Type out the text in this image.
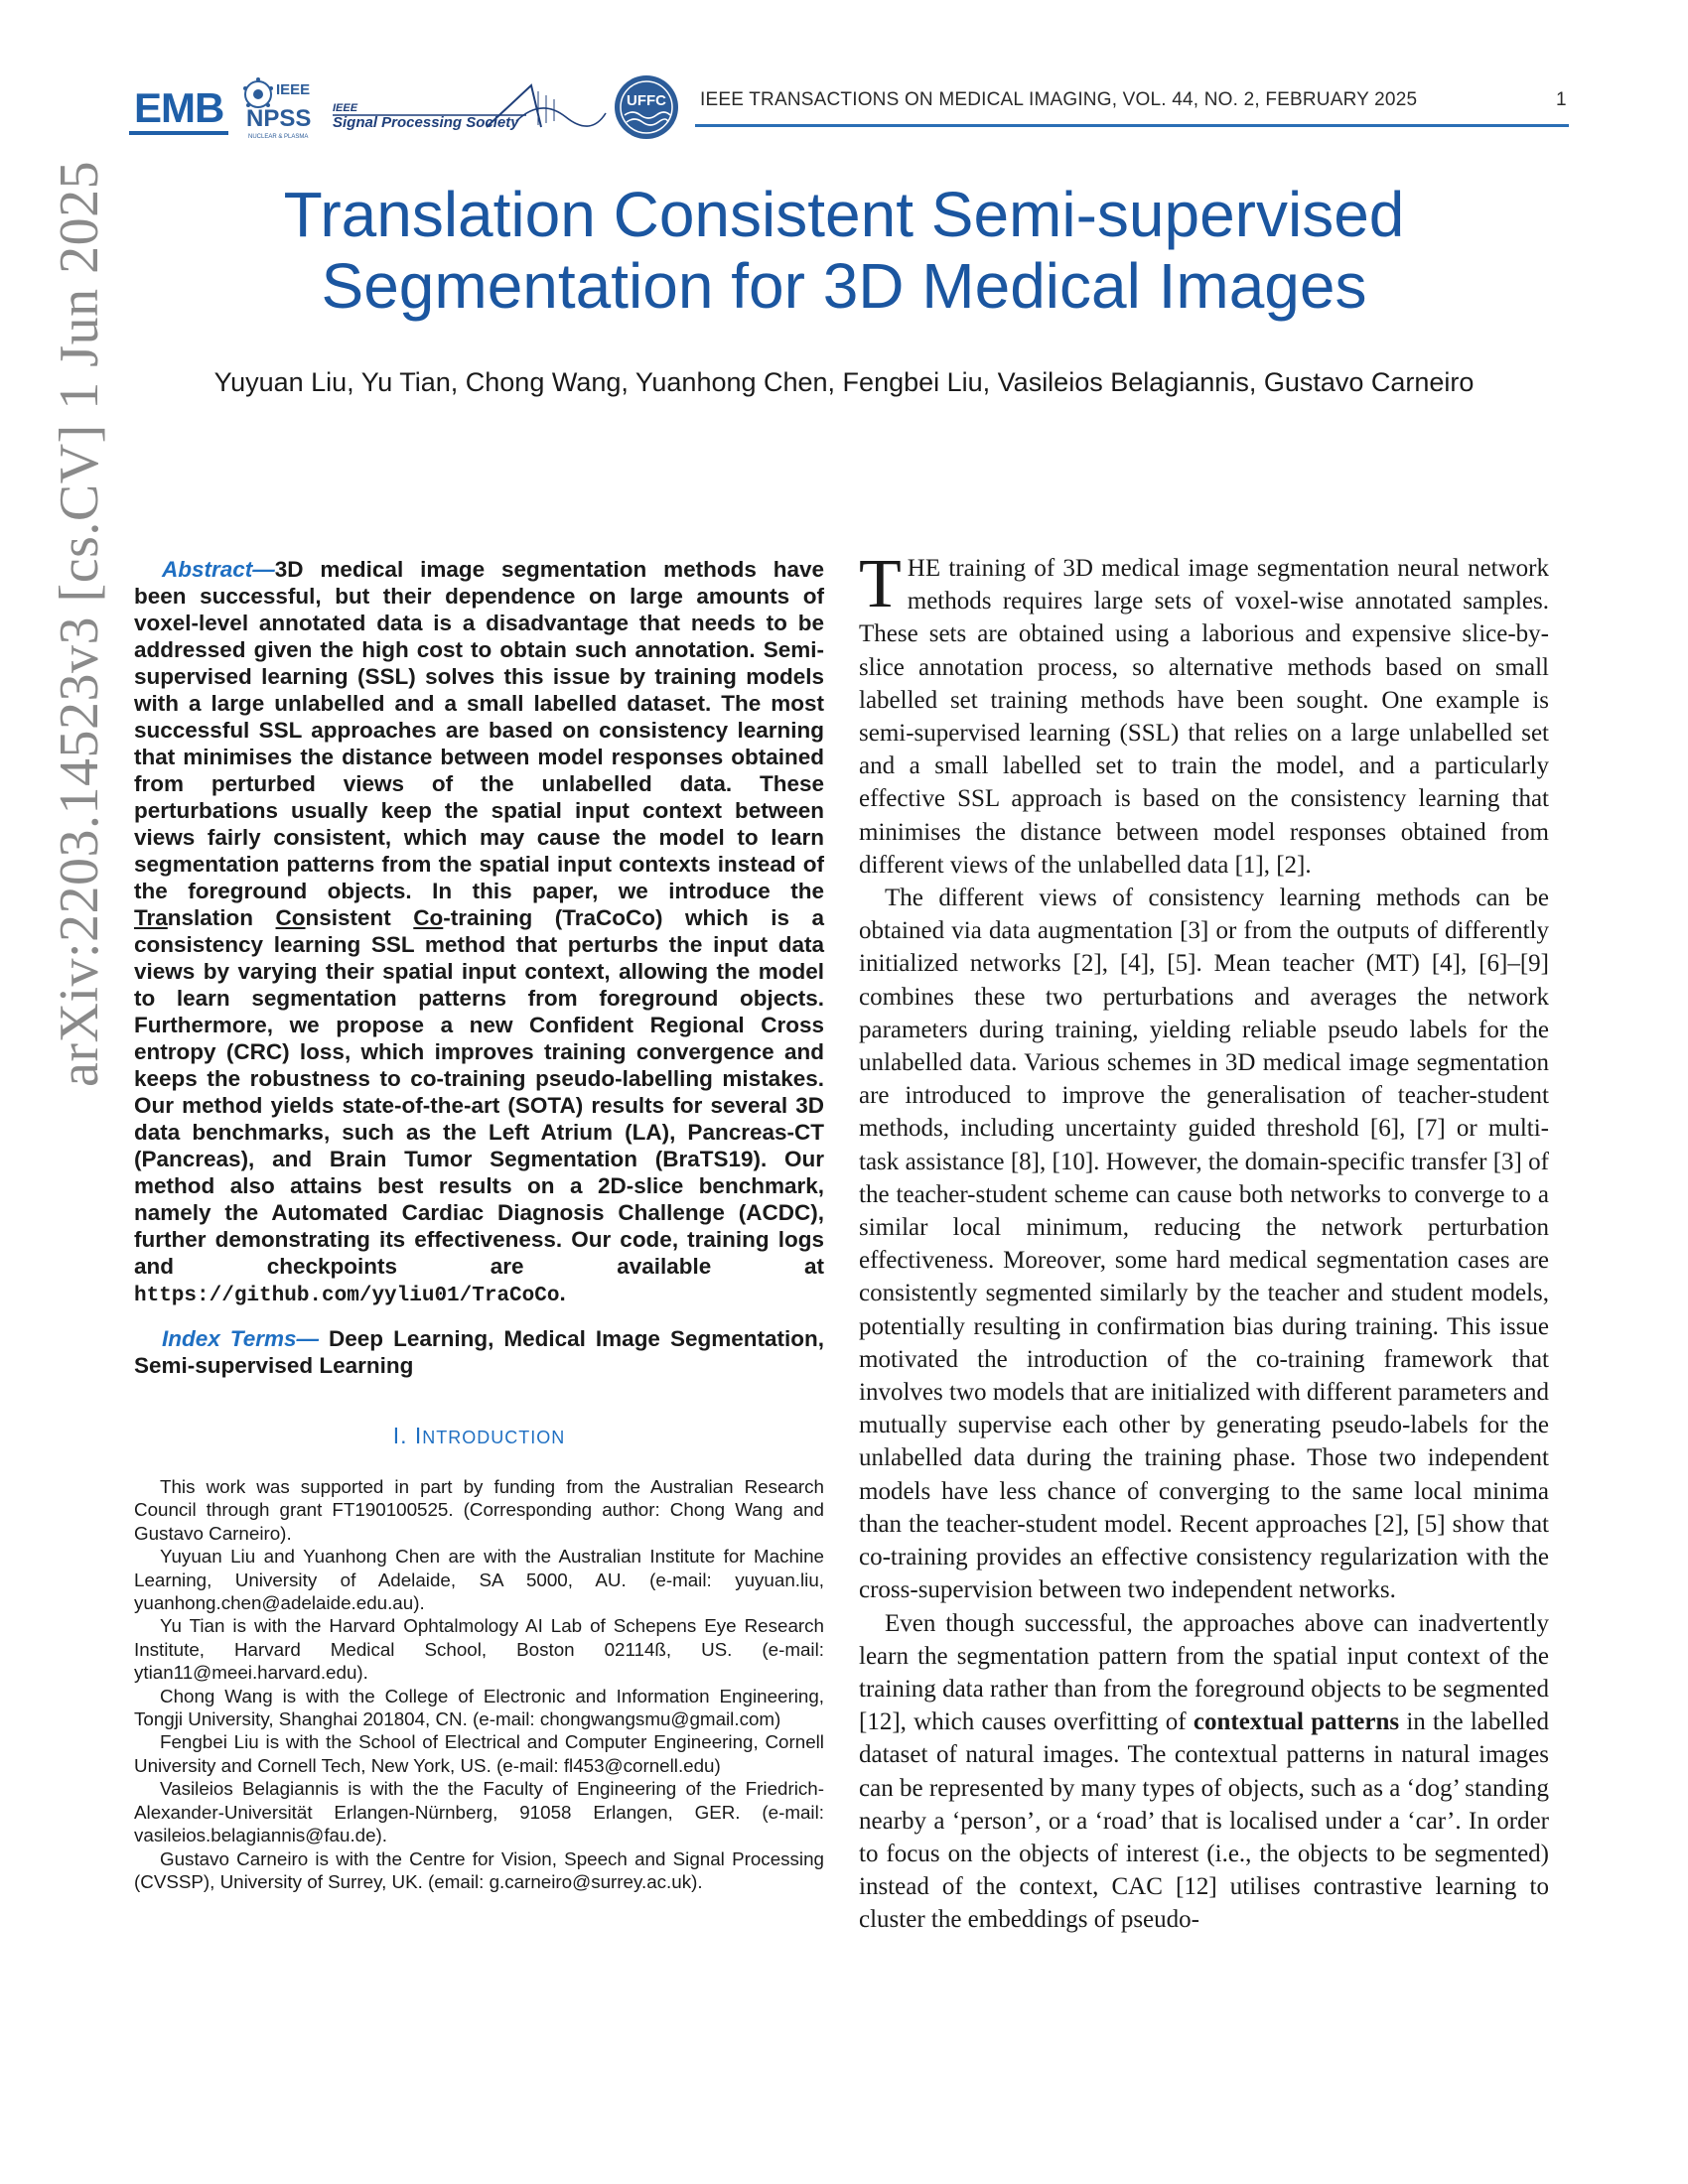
EMB	IEEE
NPSS
NUCLEAR & PLASMA
IEEE
Signal Processing Society
UFFC IEEE TRANSACTIONS ON MEDICAL IMAGING, VOL. 44, NO. 2, FEBRUARY 2025	1
Translation Consistent Semi-supervised
Segmentation for 3D Medical Images
Yuyuan Liu, Yu Tian, Chong Wang, Yuanhong Chen, Fengbei Liu, Vasileios Belagiannis, Gustavo Carneiro
arXiv:2203.14523v3 [cs.CV] 1 Jun 2025	Abstract—3D medical image segmentation methods have been successful, but their dependence on large amounts of voxel-level annotated data is a disadvantage that needs to be addressed given the high cost to obtain such annotation. Semi-supervised learning (SSL) solves this issue by training models with a large unlabelled and a small labelled dataset. The most successful SSL approaches are based on consistency learning that minimises the distance between model responses obtained from perturbed views of the unlabelled data. These perturbations usually keep the spatial input context between views fairly consistent, which may cause the model to learn segmentation patterns from the spatial input contexts instead of the foreground objects. In this paper, we introduce the Translation Consistent Co-training (TraCoCo) which is a consistency learning SSL method that perturbs the input data views by varying their spatial input context, allowing the model to learn segmentation patterns from foreground objects. Furthermore, we propose a new Confident Regional Cross entropy (CRC) loss, which improves training convergence and keeps the robustness to co-training pseudo-labelling mistakes. Our method yields state-of-the-art (SOTA) results for several 3D data benchmarks, such as the Left Atrium (LA), Pancreas-CT (Pancreas), and Brain Tumor Segmentation (BraTS19). Our method also attains best results on a 2D-slice benchmark, namely the Automated Cardiac Diagnosis Challenge (ACDC), further demonstrating its effectiveness. Our code, training logs and checkpoints are available at https://github.com/yyliu01/TraCoCo.
Index Terms— Deep Learning, Medical Image Segmentation, Semi-supervised Learning
I. INTRODUCTION

This work was supported in part by funding from the Australian Research Council through grant FT190100525. (Corresponding author: Chong Wang and Gustavo Carneiro).

Yuyuan Liu and Yuanhong Chen are with the Australian Institute for Machine Learning, University of Adelaide, SA 5000, AU. (e-mail: yuyuan.liu, yuanhong.chen@adelaide.edu.au).

Yu Tian is with the Harvard Ophtalmology AI Lab of Schepens Eye Research Institute, Harvard Medical School, Boston 02114ß, US. (e-mail: ytian11@meei.harvard.edu).

Chong Wang is with the College of Electronic and Information Engineering, Tongji University, Shanghai 201804, CN. (e-mail: chongwangsmu@gmail.com)

Fengbei Liu is with the School of Electrical and Computer Engineering, Cornell University and Cornell Tech, New York, US. (e-mail: fl453@cornell.edu)

Vasileios Belagiannis is with the the Faculty of Engineering of the Friedrich-Alexander-Universität Erlangen-Nürnberg, 91058 Erlangen, GER. (e-mail: vasileios.belagiannis@fau.de).

Gustavo Carneiro is with the Centre for Vision, Speech and Signal Processing (CVSSP), University of Surrey, UK. (email: g.carneiro@surrey.ac.uk).

THE training of 3D medical image segmentation neural network methods requires large sets of voxel-wise annotated samples. These sets are obtained using a laborious and expensive slice-by-slice annotation process, so alternative methods based on small labelled set training methods have been sought. One example is semi-supervised learning (SSL) that relies on a large unlabelled set and a small labelled set to train the model, and a particularly effective SSL approach is based on the consistency learning that minimises the distance between model responses obtained from different views of the unlabelled data [1], [2].

The different views of consistency learning methods can be obtained via data augmentation [3] or from the outputs of differently initialized networks [2], [4], [5]. Mean teacher (MT) [4], [6]–[9] combines these two perturbations and averages the network parameters during training, yielding reliable pseudo labels for the unlabelled data. Various schemes in 3D medical image segmentation are introduced to improve the generalisation of teacher-student methods, including uncertainty guided threshold [6], [7] or multi-task assistance [8], [10]. However, the domain-specific transfer [3] of the teacher-student scheme can cause both networks to converge to a similar local minimum, reducing the network perturbation effectiveness. Moreover, some hard medical segmentation cases are consistently segmented similarly by the teacher and student models, potentially resulting in confirmation bias during training. This issue motivated the introduction of the co-training framework that involves two models that are initialized with different parameters and mutually supervise each other by generating pseudo-labels for the unlabelled data during the training phase. Those two independent models have less chance of converging to the same local minima than the teacher-student model. Recent approaches [2], [5] show that co-training provides an effective consistency regularization with the cross-supervision between two independent networks.

Even though successful, the approaches above can inadvertently learn the segmentation pattern from the spatial input context of the training data rather than from the foreground objects to be segmented [12], which causes overfitting of contextual patterns in the labelled dataset of natural images. The contextual patterns in natural images can be represented by many types of objects, such as a ‘dog’ standing nearby a ‘person’, or a ‘road’ that is localised under a ‘car’. In order to focus on the objects of interest (i.e., the objects to be segmented) instead of the context, CAC [12] utilises contrastive learning to cluster the embeddings of pseudo-
